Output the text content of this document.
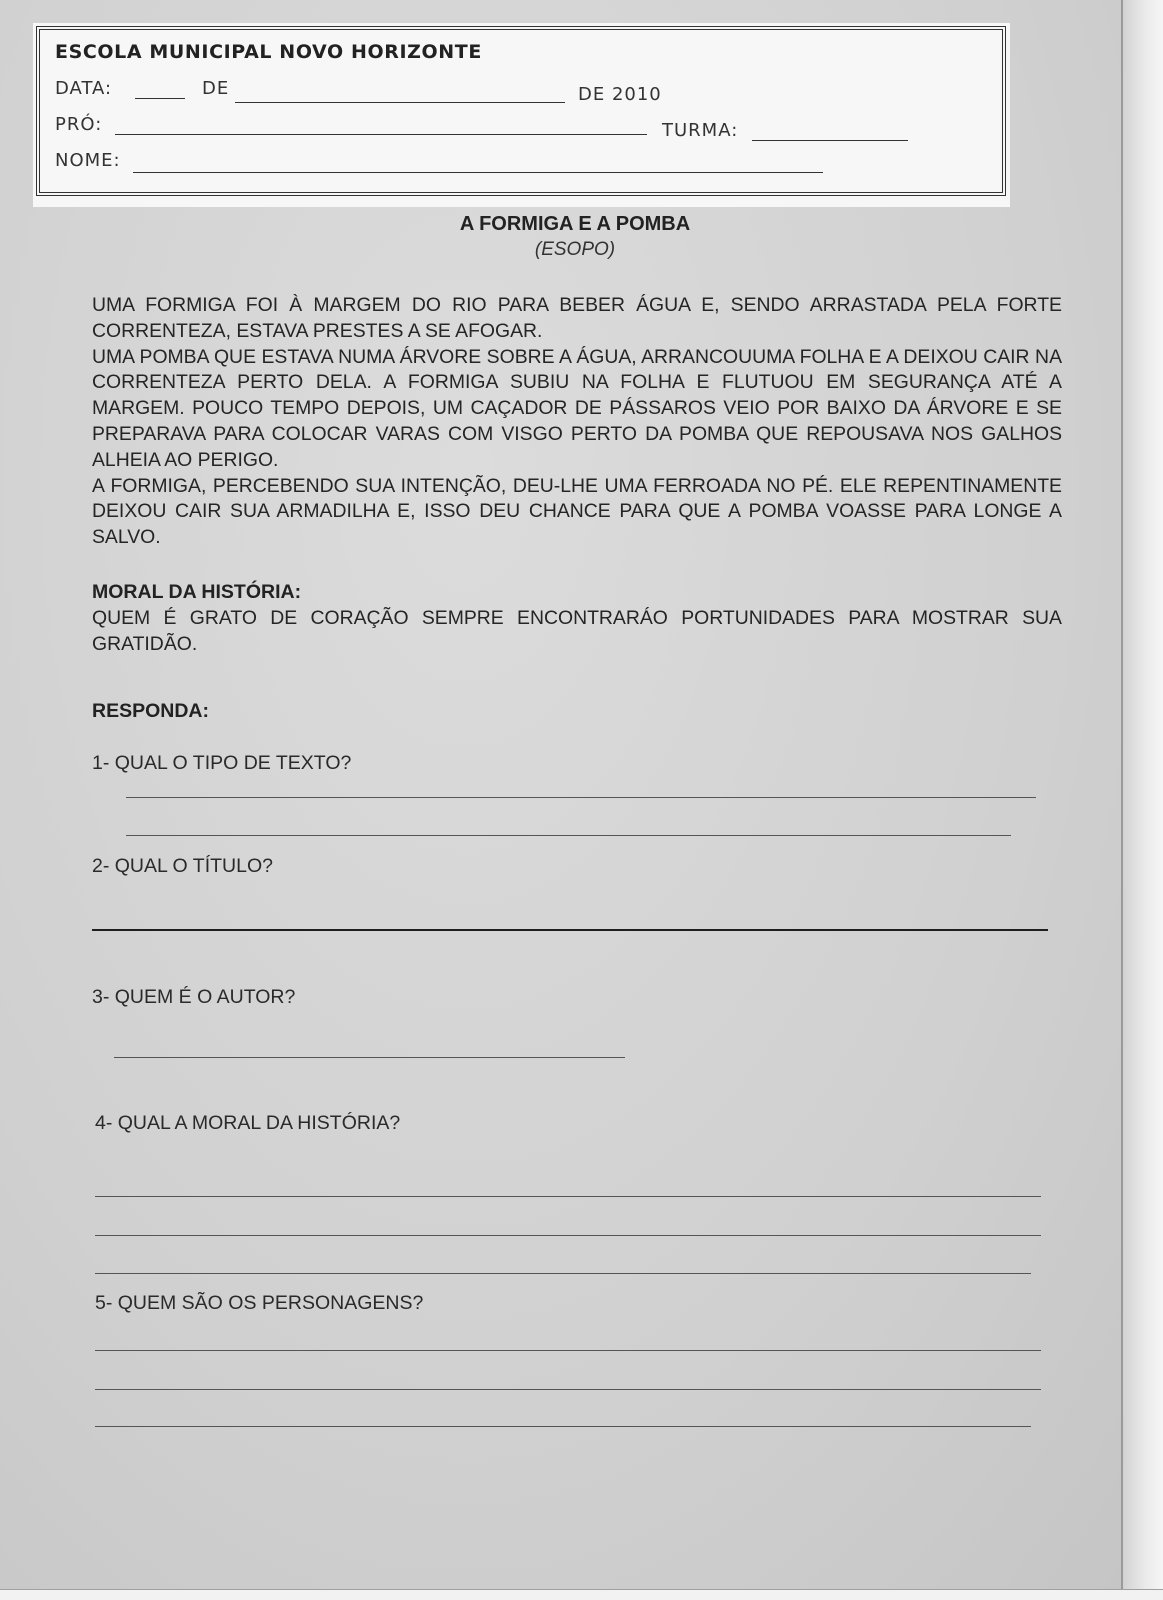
ESCOLA MUNICIPAL NOVO HORIZONTE
DATA:	DE	DE 2010
PRÓ:	TURMA:
NOME:
A FORMIGA E A POMBA
(ESOPO)

UMA FORMIGA FOI À MARGEM DO RIO PARA BEBER ÁGUA E, SENDO ARRASTADA PELA FORTE CORRENTEZA, ESTAVA PRESTES A SE AFOGAR.

UMA POMBA QUE ESTAVA NUMA ÁRVORE SOBRE A ÁGUA, ARRANCOUUMA FOLHA E A DEIXOU CAIR NA CORRENTEZA PERTO DELA. A FORMIGA SUBIU NA FOLHA E FLUTUOU EM SEGURANÇA ATÉ A MARGEM. POUCO TEMPO DEPOIS, UM CAÇADOR DE PÁSSAROS VEIO POR BAIXO DA ÁRVORE E SE PREPARAVA PARA COLOCAR VARAS COM VISGO PERTO DA POMBA QUE REPOUSAVA NOS GALHOS ALHEIA AO PERIGO.

A FORMIGA, PERCEBENDO SUA INTENÇÃO, DEU-LHE UMA FERROADA NO PÉ. ELE REPENTINAMENTE DEIXOU CAIR SUA ARMADILHA E, ISSO DEU CHANCE PARA QUE A POMBA VOASSE PARA LONGE A SALVO.

MORAL DA HISTÓRIA:
QUEM É GRATO DE CORAÇÃO SEMPRE ENCONTRARÁO PORTUNIDADES PARA MOSTRAR SUA GRATIDÃO.
RESPONDA:
1- QUAL O TIPO DE TEXTO?
2- QUAL O TÍTULO?
3- QUEM É O AUTOR?
4- QUAL A MORAL DA HISTÓRIA?
5- QUEM SÃO OS PERSONAGENS?
